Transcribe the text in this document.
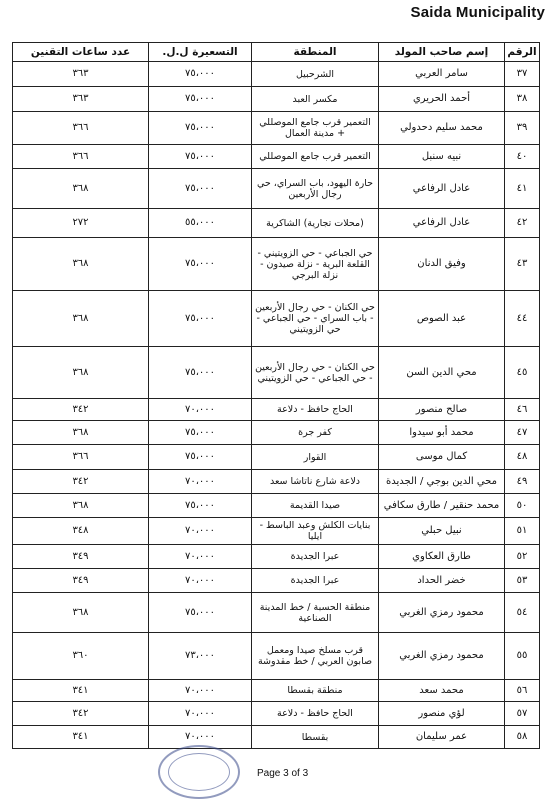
Saida Municipality
الرقم	إسم صاحب المولد	المنطقة	التسعيرة ل.ل.	عدد ساعات التقنين
٣٧	سامر العربي	الشرحبيل	٧٥،٠٠٠	٣٦٣
٣٨	أحمد الحريري	مكسر العبد	٧٥،٠٠٠	٣٦٣
٣٩	محمد سليم دحدولي	التعمير قرب جامع الموصللي + مدينة العمال	٧٥،٠٠٠	٣٦٦
٤٠	نبيه سنبل	التعمير قرب جامع الموصللي	٧٥،٠٠٠	٣٦٦
٤١	عادل الرفاعي	حارة اليهود، باب السراي، حي رجال الأربعين	٧٥،٠٠٠	٣٦٨
٤٢	عادل الرفاعي	(محلات تجارية) الشاكرية	٥٥،٠٠٠	٢٧٢
٤٣	وفيق الدنان	حي الجباعي - حي الزويتيني - القلعة البرية - نزلة صيدون - نزلة البرجي	٧٥،٠٠٠	٣٦٨
٤٤	عبد الصوص	حي الكنان - حي رجال الأربعين - باب السراي - حي الجباعي - حي الزويتيني	٧٥،٠٠٠	٣٦٨
٤٥	محي الدين السن	حي الكنان - حي رجال الأربعين - حي الجباعي - حي الزويتيني	٧٥،٠٠٠	٣٦٨
٤٦	صالح منصور	الحاج حافظ - دلاعة	٧٠،٠٠٠	٣٤٢
٤٧	محمد أبو سيدوا	كفر جرة	٧٥،٠٠٠	٣٦٨
٤٨	كمال موسى	القوار	٧٥،٠٠٠	٣٦٦
٤٩	محي الدين بوجي / الجديدة	دلاعة شارع ناتاشا سعد	٧٠،٠٠٠	٣٤٢
٥٠	محمد حنقير / طارق سكافي	صيدا القديمة	٧٥،٠٠٠	٣٦٨
٥١	نبيل حبلي	بنايات الكلش وعبد الباسط - ايليا	٧٠،٠٠٠	٣٤٨
٥٢	طارق العكاوي	عبرا الجديدة	٧٠،٠٠٠	٣٤٩
٥٣	خضر الحداد	عبرا الجديدة	٧٠،٠٠٠	٣٤٩
٥٤	محمود رمزي الغربي	منطقة الحسبة / خط المدينة الصناعية	٧٥،٠٠٠	٣٦٨
٥٥	محمود رمزي الغربي	قرب مسلخ صيدا ومعمل صابون العربي / خط مقدوشة	٧٣،٠٠٠	٣٦٠
٥٦	محمد سعد	منطقة بقسطا	٧٠،٠٠٠	٣٤١
٥٧	لؤي منصور	الحاج حافظ - دلاعة	٧٠،٠٠٠	٣٤٢
٥٨	عمر سليمان	بقسطا	٧٠،٠٠٠	٣٤١
Page 3 of 3
